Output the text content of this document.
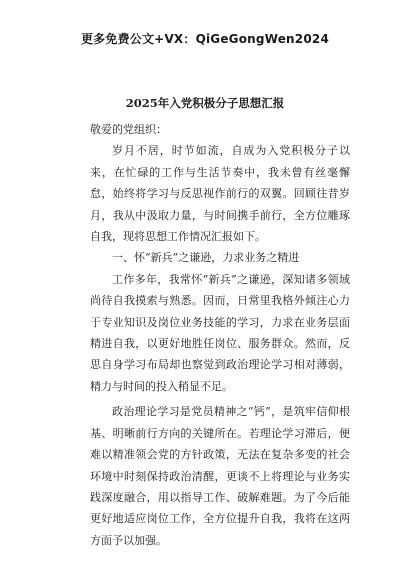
更多免费公文+VX：QiGeGongWen2024
2025年入党积极分子思想汇报

敬爱的党组织：

岁月不居，时节如流，自成为入党积极分子以来，在忙碌的工作与生活节奏中，我未曾有丝毫懈怠，始终将学习与反思视作前行的双翼。回顾往昔岁月，我从中汲取力量，与时间携手前行，全方位雕琢自我，现将思想工作情况汇报如下。

一、怀“新兵”之谦逊，力求业务之精进

工作多年，我常怀“新兵”之谦逊，深知诸多领域尚待自我摸索与熟悉。因而，日常里我格外倾注心力于专业知识及岗位业务技能的学习，力求在业务层面精进自我，以更好地胜任岗位、服务群众。然而，反思自身学习布局却也察觉到政治理论学习相对薄弱，精力与时间的投入稍显不足。

政治理论学习是党员精神之“钙”，是筑牢信仰根基、明晰前行方向的关键所在。若理论学习滞后，便难以精准领会党的方针政策，无法在复杂多变的社会环境中时刻保持政治清醒，更谈不上将理论与业务实践深度融合，用以指导工作、破解难题。为了今后能更好地适应岗位工作，全方位提升自我，我将在这两方面予以加强。
